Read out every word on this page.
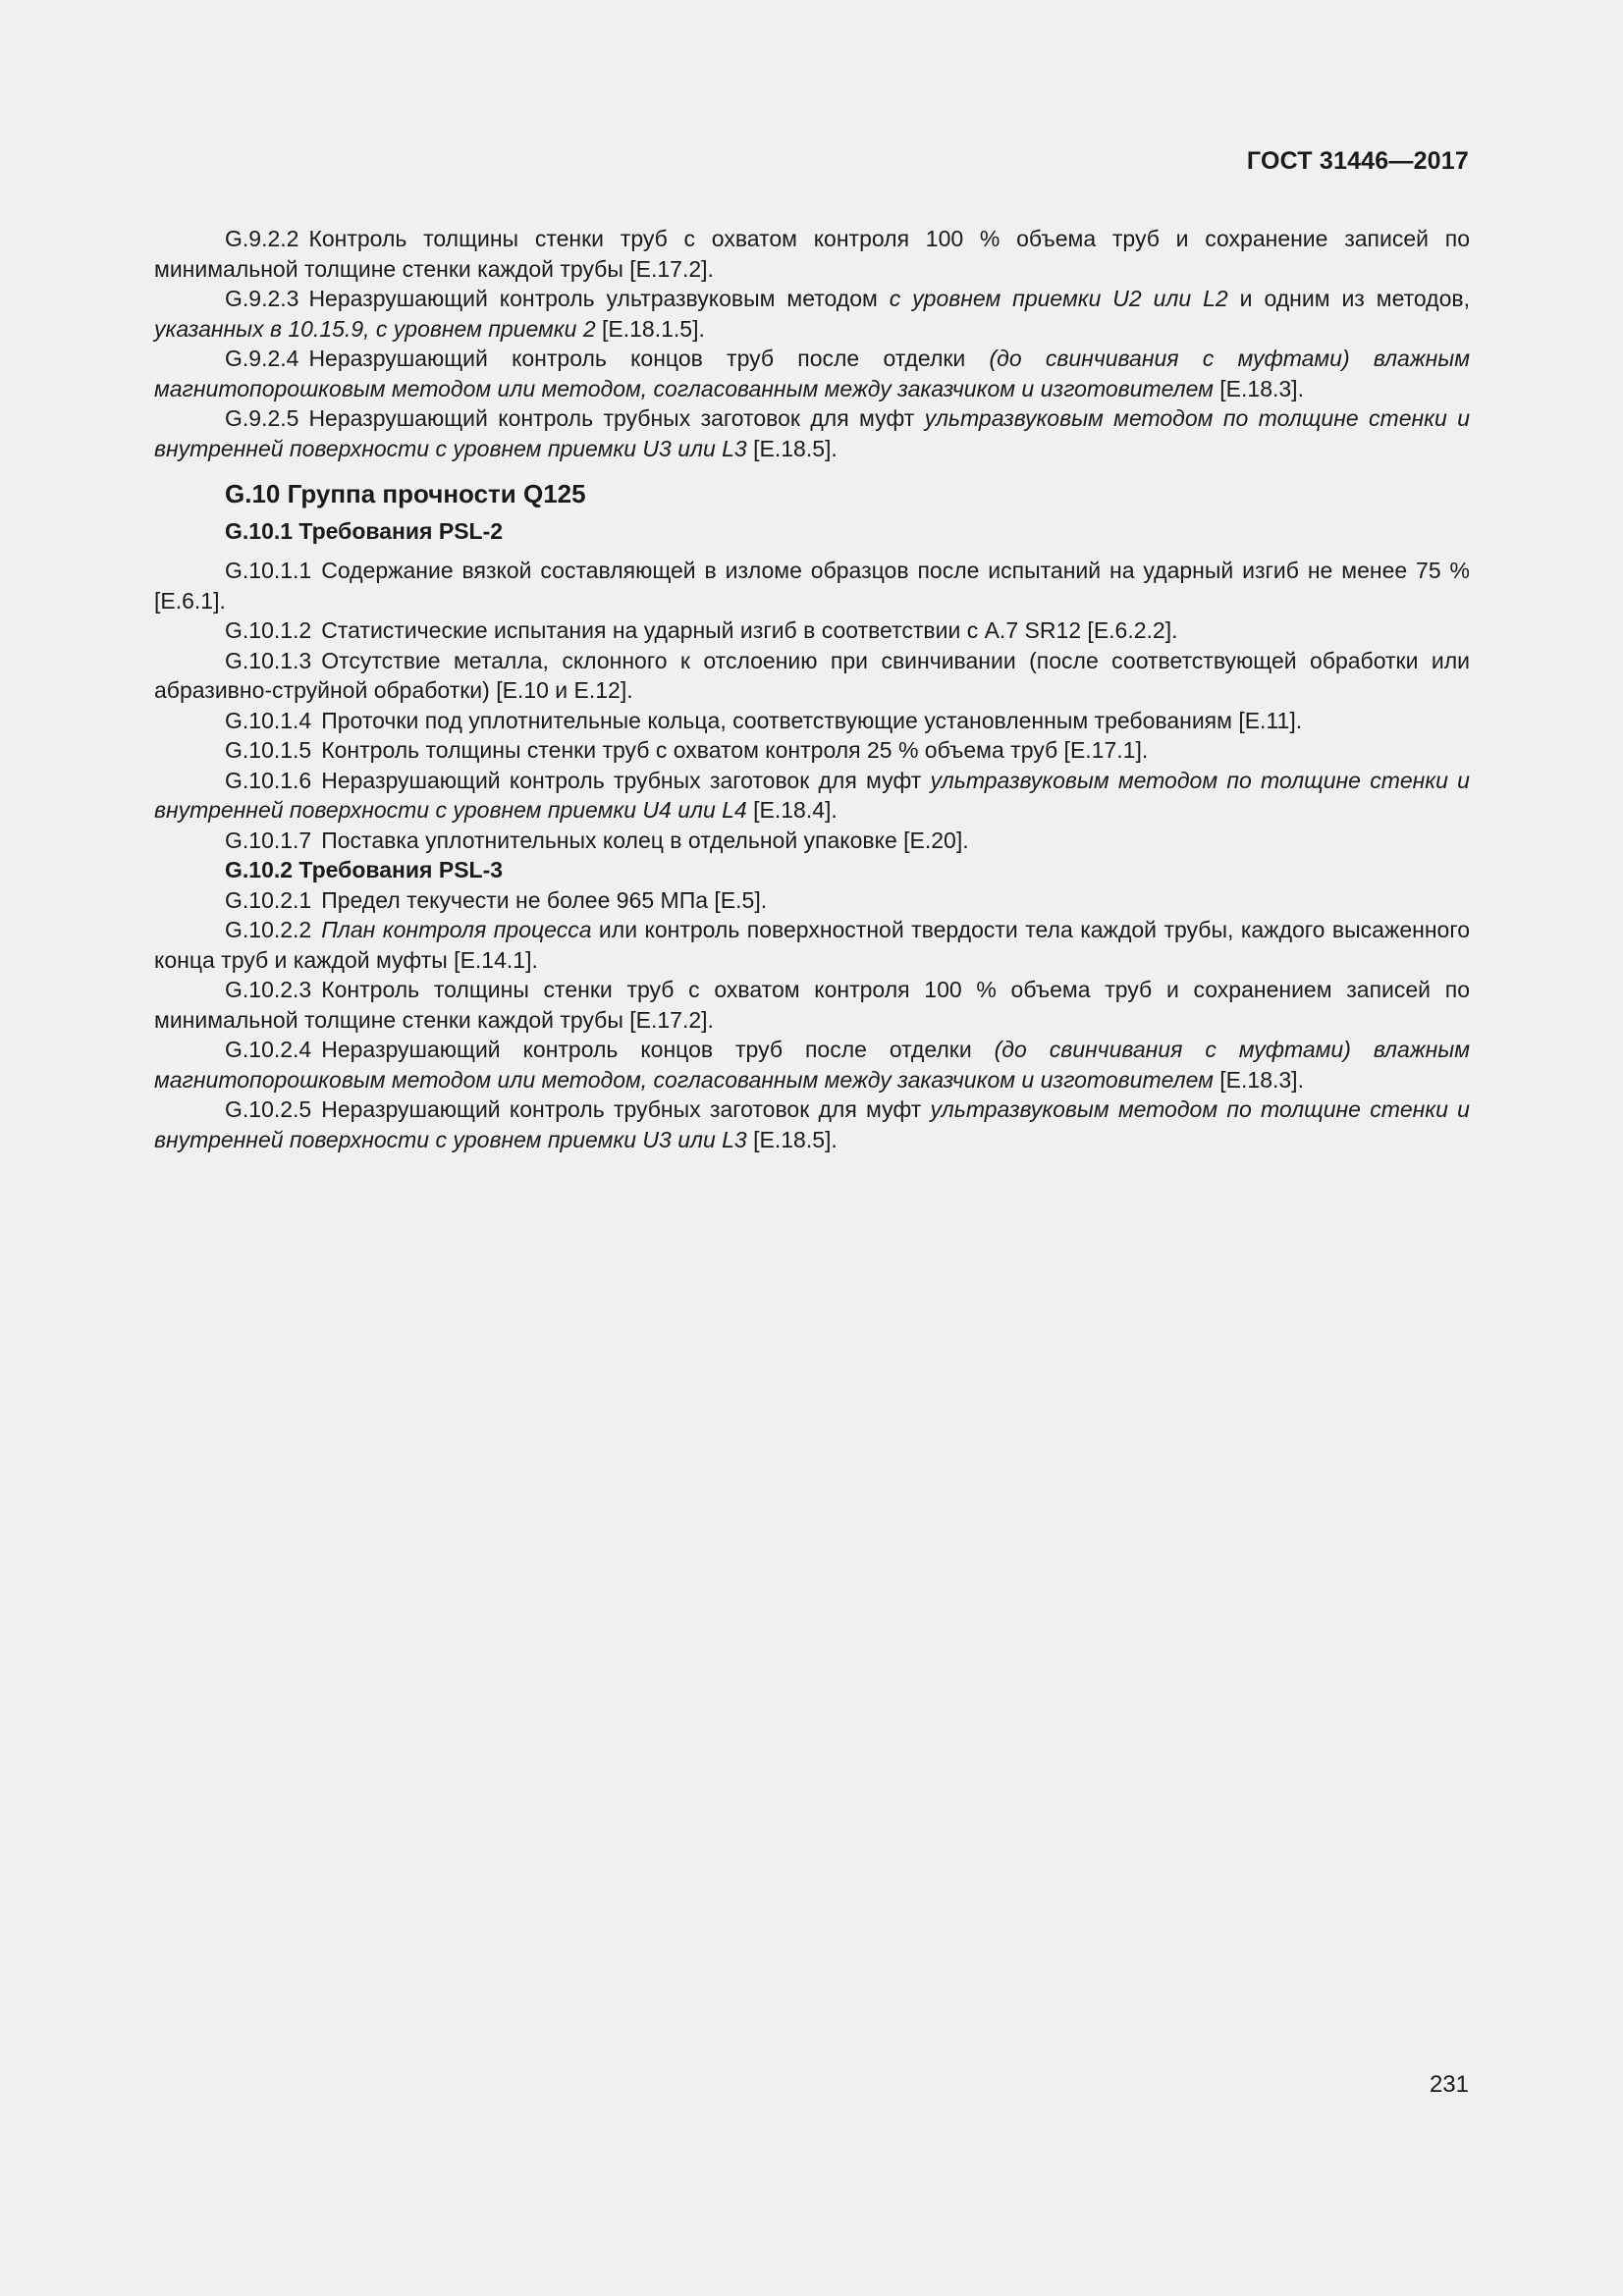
ГОСТ 31446—2017

G.9.2.2 Контроль толщины стенки труб с охватом контроля 100 % объема труб и сохранение записей по минимальной толщине стенки каждой трубы [E.17.2].

G.9.2.3 Неразрушающий контроль ультразвуковым методом с уровнем приемки U2 или L2 и одним из методов, указанных в 10.15.9, с уровнем приемки 2 [E.18.1.5].

G.9.2.4 Неразрушающий контроль концов труб после отделки (до свинчивания с муфтами) влажным магнитопорошковым методом или методом, согласованным между заказчиком и изготовителем [E.18.3].

G.9.2.5 Неразрушающий контроль трубных заготовок для муфт ультразвуковым методом по толщине стенки и внутренней поверхности с уровнем приемки U3 или L3 [E.18.5].

G.10 Группа прочности Q125
G.10.1 Требования PSL-2

G.10.1.1 Содержание вязкой составляющей в изломе образцов после испытаний на ударный изгиб не менее 75 % [E.6.1].

G.10.1.2 Статистические испытания на ударный изгиб в соответствии с A.7 SR12 [E.6.2.2].

G.10.1.3 Отсутствие металла, склонного к отслоению при свинчивании (после соответствующей обработки или абразивно-струйной обработки) [E.10 и E.12].

G.10.1.4 Проточки под уплотнительные кольца, соответствующие установленным требованиям [E.11].

G.10.1.5 Контроль толщины стенки труб с охватом контроля 25 % объема труб [E.17.1].

G.10.1.6 Неразрушающий контроль трубных заготовок для муфт ультразвуковым методом по толщине стенки и внутренней поверхности с уровнем приемки U4 или L4 [E.18.4].

G.10.1.7 Поставка уплотнительных колец в отдельной упаковке [E.20].

G.10.2 Требования PSL-3

G.10.2.1 Предел текучести не более 965 МПа [E.5].

G.10.2.2 План контроля процесса или контроль поверхностной твердости тела каждой трубы, каждого высаженного конца труб и каждой муфты [E.14.1].

G.10.2.3 Контроль толщины стенки труб с охватом контроля 100 % объема труб и сохранением записей по минимальной толщине стенки каждой трубы [E.17.2].

G.10.2.4 Неразрушающий контроль концов труб после отделки (до свинчивания с муфтами) влажным магнитопорошковым методом или методом, согласованным между заказчиком и изготовителем [E.18.3].

G.10.2.5 Неразрушающий контроль трубных заготовок для муфт ультразвуковым методом по толщине стенки и внутренней поверхности с уровнем приемки U3 или L3 [E.18.5].

231
